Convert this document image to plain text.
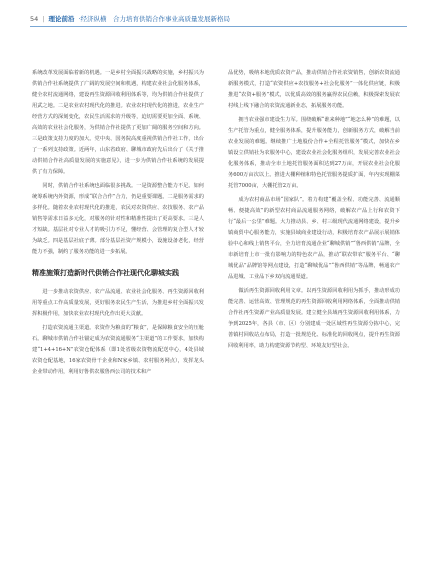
54 | 理论前沿 ·经济纵横　合力培育供销合作事业高质量发展新格局

系统改革发展面临着新的机遇。一是乡村全面振兴战略的实施，乡村振兴为供销合作社系统提供了广阔的发展空间和机遇，构建农业社会化服务体系，健全农村流通网络，建设再生资源回收利用体系等，均为供销合作社提供了用武之地。二是农业农村现代化的推进。农业农村现代化的推进，农业生产经营方式的深刻变化，农民生活需求的升级等，迫切需要更加全面、系统、高效的农业社会化服务，为供销合作社提供了更加广阔的服务空间和方向。三是政策支持力度的加大。党中央、国务院高度重视供销合作社工作，出台了一系列支持政策。近两年，山东省政府、聊城市政府先后出台了《关于推动供销合作社高质量发展的实施意见》，进一步为供销合作社系统的发展提供了有力保障。

同时，供销合作社系统也面临很多挑战。一是资源整合能力不足。如何统筹系统内外资源，形成“联合合作”合力，仍是重要课题。二是服务需求的多样化。随着农业农村现代化的推进，农民对农资供应、农技服务、农产品销售等需求日益多元化，对服务的针对性和精准性提出了更高要求。三是人才短缺。基层社对专业人才的吸引力不足，懂经营、会管理的复合型人才较为缺乏。四是基层社底子薄。部分基层社资产规模小，设施设备老化，经营能力不强，制约了服务功能的进一步拓展。

精准施策打造新时代供销合作社现代化聊城实践

进一步推动农资供应、农产品流通、农业社会化服务、再生资源回收利用等重点工作高质量发展，更好服务农民生产生活，为推进乡村全面振兴发挥积极作用，加快农业农村现代化作出更大贡献。

打造农资流通主渠道。农资作为粮食的“粮食”，是保障粮食安全的压舱石。聊城市供销合作社锚定成为农资流通服务“主渠道”的工作要求，加快构建“1+4+16+N”农资仓配体系（即1处省级农资物流配送中心，4处县域农资仓配基地，16家农资骨干企业和N家乡镇、农村服务网点），发挥龙头企业带动作用，利用好鲁供农服鲁西公司的技术和产

品优势，吸纳本地优质农资产品，推动供销合作社农资销售，创新农资流通新服务模式，打造“农资供应+农技服务+社会化服务”一体化供应链，积极推进“农资+服务”模式，以优质高效的服务赢得农民信赖，积极探索发展农村线上线下融合的农资流通新业态，拓展服务功能。

拥当农业强市建设生力军。围绕破解“谁来种地”“地怎么种”的难题，以生产托管为重点，健全服务体系，提升服务能力，创新服务方式，破解当前农业发展的难题。继续推广土地股份合作+全程托管服务“模式，加快在乡镇设立供销社为农服务中心，建设农业社会化服务组织，发展完善农业社会化服务体系，推动全市土地托管服务面积达到27万亩，开展农业社会化服务600万亩次以上。推进大棚种植和特色托管服务提质扩面，年内实现棚菜托管7000亩，大棚托管2万亩。

成为农村商品市场“国家队”。着力构建“覆盖全程、功能完善、流通顺畅、便捷高效”的新型农村商品流通服务网络，破解农产品上行和农资下行“最后一公里”难题。大力推动县、乡、村三级现代流通网络建设，提升乡镇商贸中心服务能力，实施县域商业建设行动，积极培育农产品展示展销体验中心和线上销售平台，全力培育流通企业“聊城供销”“鲁西供销”品牌，全市新培育上市一批有影响力的特色农产品，推动“联农带农”服务平台、“聊城优品”品牌馆等网点建设，打造“聊城优品”“鲁西供销”等品牌，畅通农产品进城、工业品下乡双向流通渠道。

做活再生资源回收利用文章。以再生资源回收利用为抓手，推动形成功能完善、运营高效、管理规范的再生资源回收利用网络体系，全面推动供销合作社再生资源产业高质量发展。建立健全县域再生资源回收利用体系，力争到2025年，各县（市、区）分别建成一处区域性再生资源分拣中心，完善镇村回收站点布局，打造一批规范化、标准化的回收网点，提升再生资源回收利用率，助力构建资源节约型、环境友好型社会。
